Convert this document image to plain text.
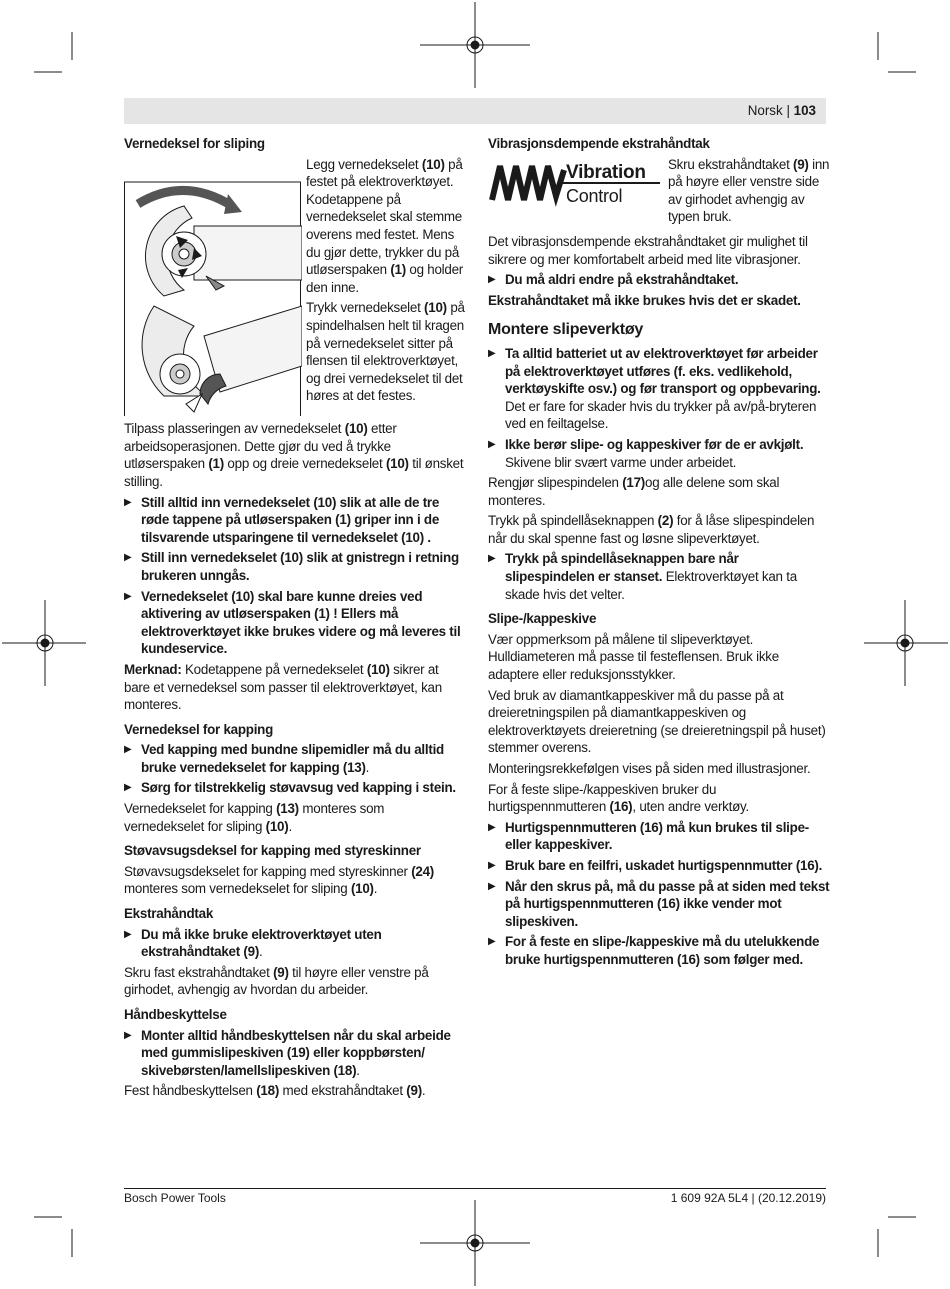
Norsk | 103
Vernedeksel for sliping

Legg vernedekselet (10) på festet på elektroverktøyet. Kodetappene på vernedekselet skal stemme overens med festet. Mens du gjør dette, trykker du på utløserspaken (1) og holder den inne.

Trykk vernedekselet (10) på spindelhalsen helt til kragen på vernedekselet sitter på flensen til elektroverktøyet, og drei vernedekselet til det høres at det festes.

Tilpass plasseringen av vernedekselet (10) etter arbeidsoperasjonen. Dette gjør du ved å trykke utløserspaken (1) opp og dreie vernedekselet (10) til ønsket stilling.

▶ Still alltid inn vernedekselet (10) slik at alle de tre røde tappene på utløserspaken (1) griper inn i de tilsvarende utsparingene til vernedekselet (10) .

▶ Still inn vernedekselet (10) slik at gnistregn i retning brukeren unngås.

▶ Vernedekselet (10) skal bare kunne dreies ved aktivering av utløserspaken (1) ! Ellers må elektroverktøyet ikke brukes videre og må leveres til kundeservice.

Merknad: Kodetappene på vernedekselet (10) sikrer at bare et vernedeksel som passer til elektroverktøyet, kan monteres.

Vernedeksel for kapping

▶ Ved kapping med bundne slipemidler må du alltid bruke vernedekselet for kapping (13).

▶ Sørg for tilstrekkelig støvavsug ved kapping i stein.

Vernedekselet for kapping (13) monteres som vernedekselet for sliping (10).

Støvavsugsdeksel for kapping med styreskinner

Støvavsugsdekselet for kapping med styreskinner (24) monteres som vernedekselet for sliping (10).

Ekstrahåndtak

▶ Du må ikke bruke elektroverktøyet uten ekstrahåndtaket (9).

Skru fast ekstrahåndtaket (9) til høyre eller venstre på girhodet, avhengig av hvordan du arbeider.

Håndbeskyttelse

▶ Monter alltid håndbeskyttelsen når du skal arbeide med gummislipeskiven (19) eller koppbørsten/ skivebørsten/lamellslipeskiven (18).

Fest håndbeskyttelsen (18) med ekstrahåndtaket (9).

Vibrasjonsdempende ekstrahåndtak
Vibration
Control

Skru ekstrahåndtaket (9) inn på høyre eller venstre side av girhodet avhengig av typen bruk.

Det vibrasjonsdempende ekstrahåndtaket gir mulighet til sikrere og mer komfortabelt arbeid med lite vibrasjoner.

▶ Du må aldri endre på ekstrahåndtaket.

Ekstrahåndtaket må ikke brukes hvis det er skadet.

Montere slipeverktøy

▶ Ta alltid batteriet ut av elektroverktøyet før arbeider på elektroverktøyet utføres (f. eks. vedlikehold, verktøyskifte osv.) og før transport og oppbevaring. Det er fare for skader hvis du trykker på av/på-bryteren ved en feiltagelse.

▶ Ikke berør slipe- og kappeskiver før de er avkjølt. Skivene blir svært varme under arbeidet.

Rengjør slipespindelen (17)og alle delene som skal monteres.

Trykk på spindellåseknappen (2) for å låse slipespindelen når du skal spenne fast og løsne slipeverktøyet.

▶ Trykk på spindellåseknappen bare når slipespindelen er stanset. Elektroverktøyet kan ta skade hvis det velter.

Slipe-/kappeskive

Vær oppmerksom på målene til slipeverktøyet. Hulldiameteren må passe til festeflensen. Bruk ikke adaptere eller reduksjonsstykker.

Ved bruk av diamantkappeskiver må du passe på at dreieretningspilen på diamantkappeskiven og elektroverktøyets dreieretning (se dreieretningspil på huset) stemmer overens.

Monteringsrekkefølgen vises på siden med illustrasjoner.

For å feste slipe-/kappeskiven bruker du hurtigspennmutteren (16), uten andre verktøy.

▶ Hurtigspennmutteren (16) må kun brukes til slipe- eller kappeskiver.

▶ Bruk bare en feilfri, uskadet hurtigspennmutter (16).

▶ Når den skrus på, må du passe på at siden med tekst på hurtigspennmutteren (16) ikke vender mot slipeskiven.

▶ For å feste en slipe-/kappeskive må du utelukkende bruke hurtigspennmutteren (16) som følger med.

Bosch Power Tools	1 609 92A 5L4 | (20.12.2019)
